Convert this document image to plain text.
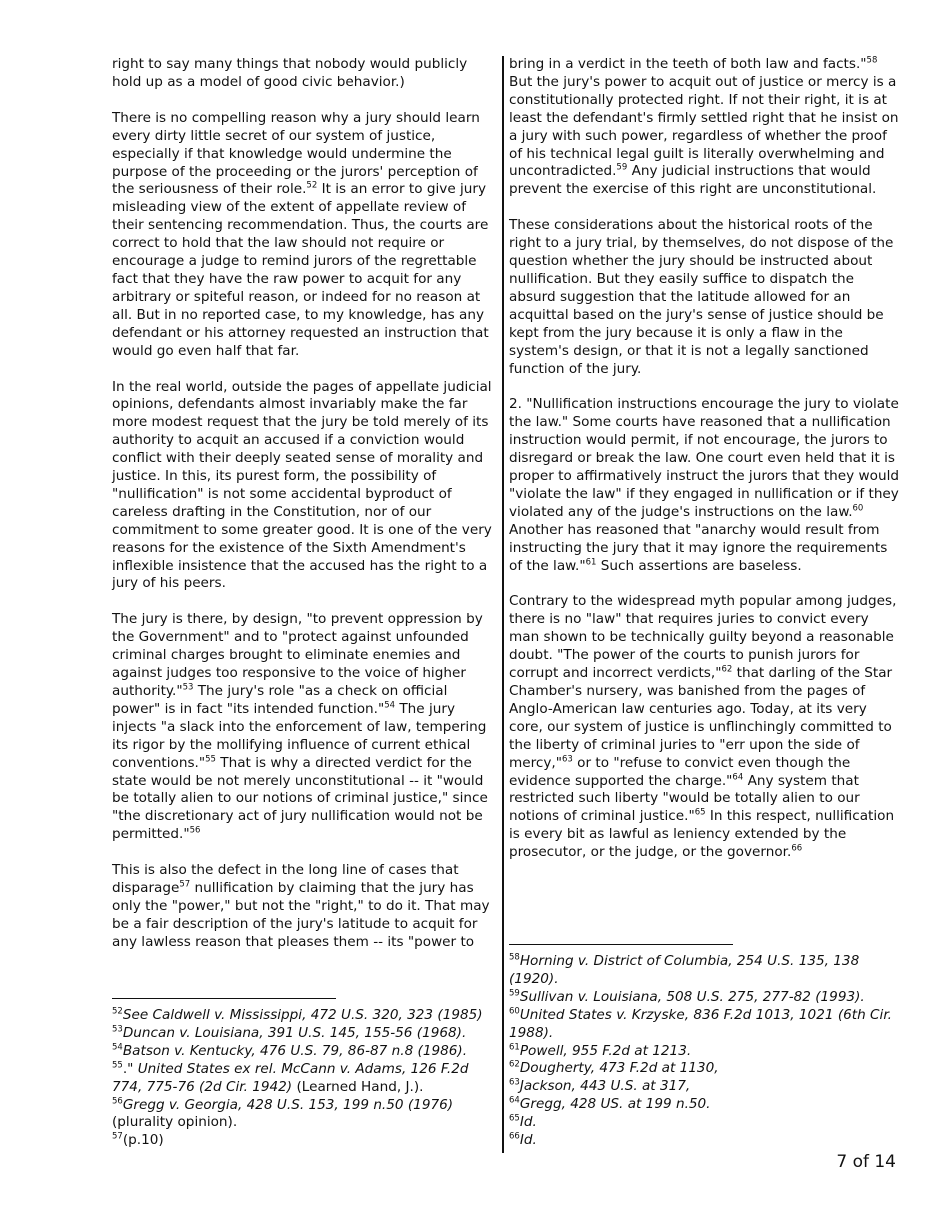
right to say many things that nobody would publicly hold up as a model of good civic behavior.)

There is no compelling reason why a jury should learn every dirty little secret of our system of justice, especially if that knowledge would undermine the purpose of the proceeding or the jurors' perception of the seriousness of their role.$^{52}$ It is an error to give jury misleading view of the extent of appellate review of their sentencing recommendation. Thus, the courts are correct to hold that the law should not require or encourage a judge to remind jurors of the regrettable fact that they have the raw power to acquit for any arbitrary or spiteful reason, or indeed for no reason at all. But in no reported case, to my knowledge, has any defendant or his attorney requested an instruction that would go even half that far.

In the real world, outside the pages of appellate judicial opinions, defendants almost invariably make the far more modest request that the jury be told merely of its authority to acquit an accused if a conviction would conflict with their deeply seated sense of morality and justice. In this, its purest form, the possibility of "nullification" is not some accidental byproduct of careless drafting in the Constitution, nor of our commitment to some greater good. It is one of the very reasons for the existence of the Sixth Amendment's inflexible insistence that the accused has the right to a jury of his peers.

The jury is there, by design, "to prevent oppression by the Government" and to "protect against unfounded criminal charges brought to eliminate enemies and against judges too responsive to the voice of higher authority."$^{53}$ The jury's role "as a check on official power" is in fact "its intended function."$^{54}$ The jury injects "a slack into the enforcement of law, tempering its rigor by the mollifying influence of current ethical conventions."$^{55}$ That is why a directed verdict for the state would be not merely unconstitutional -- it "would be totally alien to our notions of criminal justice," since "the discretionary act of jury nullification would not be permitted."$^{56}$

This is also the defect in the long line of cases that disparage$^{57}$ nullification by claiming that the jury has only the "power," but not the "right," to do it. That may be a fair description of the jury's latitude to acquit for any lawless reason that pleases them -- its "power to

bring in a verdict in the teeth of both law and facts."$^{58}$ But the jury's power to acquit out of justice or mercy is a constitutionally protected right. If not their right, it is at least the defendant's firmly settled right that he insist on a jury with such power, regardless of whether the proof of his technical legal guilt is literally overwhelming and uncontradicted.$^{59}$ Any judicial instructions that would prevent the exercise of this right are unconstitutional.

These considerations about the historical roots of the right to a jury trial, by themselves, do not dispose of the question whether the jury should be instructed about nullification. But they easily suffice to dispatch the absurd suggestion that the latitude allowed for an acquittal based on the jury's sense of justice should be kept from the jury because it is only a flaw in the system's design, or that it is not a legally sanctioned function of the jury.

2. "Nullification instructions encourage the jury to violate the law." Some courts have reasoned that a nullification instruction would permit, if not encourage, the jurors to disregard or break the law. One court even held that it is proper to affirmatively instruct the jurors that they would "violate the law" if they engaged in nullification or if they violated any of the judge's instructions on the law.$^{60}$ Another has reasoned that "anarchy would result from instructing the jury that it may ignore the requirements of the law."$^{61}$ Such assertions are baseless.

Contrary to the widespread myth popular among judges, there is no "law" that requires juries to convict every man shown to be technically guilty beyond a reasonable doubt. "The power of the courts to punish jurors for corrupt and incorrect verdicts,"$^{62}$ that darling of the Star Chamber's nursery, was banished from the pages of Anglo-American law centuries ago. Today, at its very core, our system of justice is unflinchingly committed to the liberty of criminal juries to "err upon the side of mercy,"$^{63}$ or to "refuse to convict even though the evidence supported the charge."$^{64}$ Any system that restricted such liberty "would be totally alien to our notions of criminal justice."$^{65}$ In this respect, nullification is every bit as lawful as leniency extended by the prosecutor, or the judge, or the governor.$^{66}$

$^{52}$See Caldwell v. Mississippi, 472 U.S. 320, 323 (1985)
$^{53}$Duncan v. Louisiana, 391 U.S. 145, 155-56 (1968).
$^{54}$Batson v. Kentucky, 476 U.S. 79, 86-87 n.8 (1986).
$^{55}$." United States ex rel. McCann v. Adams, 126 F.2d 774, 775-76 (2d Cir. 1942) (Learned Hand, J.).
$^{56}$Gregg v. Georgia, 428 U.S. 153, 199 n.50 (1976) (plurality opinion).
$^{57}$(p.10)
$^{58}$Horning v. District of Columbia, 254 U.S. 135, 138 (1920).
$^{59}$Sullivan v. Louisiana, 508 U.S. 275, 277-82 (1993).
$^{60}$United States v. Krzyske, 836 F.2d 1013, 1021 (6th Cir. 1988).
$^{61}$Powell, 955 F.2d at 1213.
$^{62}$Dougherty, 473 F.2d at 1130,
$^{63}$Jackson, 443 U.S. at 317,
$^{64}$Gregg, 428 US. at 199 n.50.
$^{65}$Id.
$^{66}$Id.
7 of 14
